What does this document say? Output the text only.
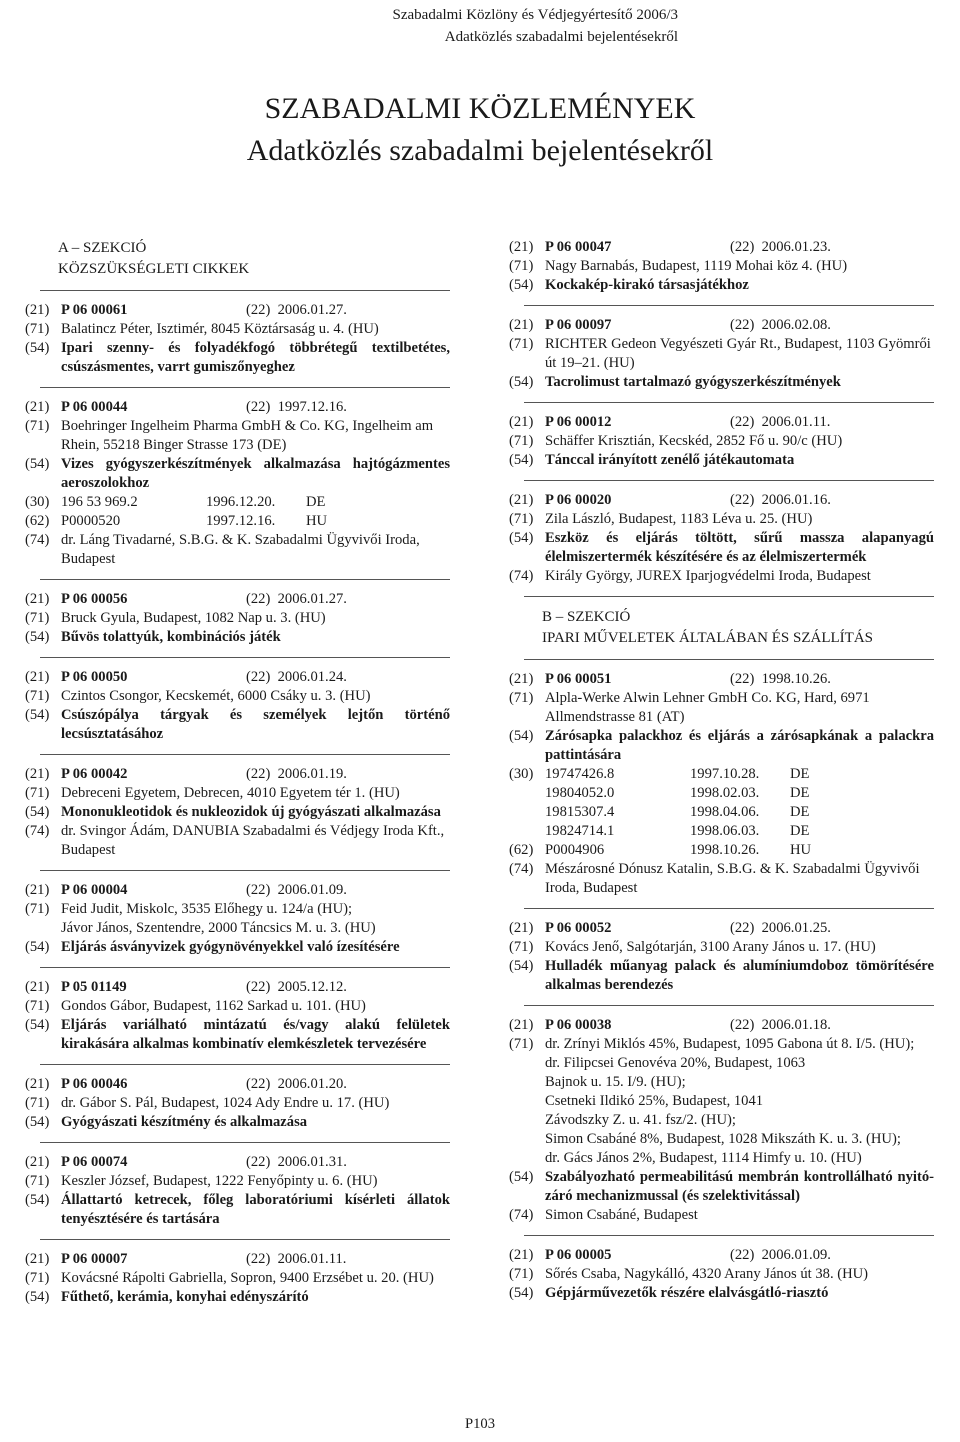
Szabadalmi Közlöny és Védjegyértesítő 2006/3
Adatközlés szabadalmi bejelentésekről
SZABADALMI KÖZLEMÉNYEK
Adatközlés szabadalmi bejelentésekről
A – SZEKCIÓ
KÖZSZÜKSÉGLETI CIKKEK
(21) P 06 00061	(22)  2006.01.27.
(71) Balatincz Péter, Isztimér, 8045 Köztársaság u. 4. (HU)
(54) Ipari szenny- és folyadékfogó többrétegű textilbetétes, csúszásmentes, varrt gumiszőnyeghez
(21) P 06 00044	(22)  1997.12.16.
(71) Boehringer Ingelheim Pharma GmbH & Co. KG, Ingelheim am Rhein, 55218 Binger Strasse 173 (DE)
(54) Vizes gyógyszerkészítmények alkalmazása hajtógázmentes aeroszolokhoz
(30) 196 53 969.2	1996.12.20.	DE
(62) P0000520	1997.12.16.	HU
(74) dr. Láng Tivadarné, S.B.G. & K. Szabadalmi Ügyvivői Iroda, Budapest
(21) P 06 00056	(22)  2006.01.27.
(71) Bruck Gyula, Budapest, 1082 Nap u. 3. (HU)
(54) Bűvös tolattyúk, kombinációs játék
(21) P 06 00050	(22)  2006.01.24.
(71) Czintos Csongor, Kecskemét, 6000 Csáky u. 3. (HU)
(54) Csúszópálya tárgyak és személyek lejtőn történő lecsúsztatásához
(21) P 06 00042	(22)  2006.01.19.
(71) Debreceni Egyetem, Debrecen, 4010 Egyetem tér 1. (HU)
(54) Mononukleotidok és nukleozidok új gyógyászati alkalmazása
(74) dr. Svingor Ádám, DANUBIA Szabadalmi és Védjegy Iroda Kft., Budapest
(21) P 06 00004	(22)  2006.01.09.
(71) Feid Judit, Miskolc, 3535 Előhegy u. 124/a (HU);
Jávor János, Szentendre, 2000 Táncsics M. u. 3. (HU)
(54) Eljárás ásványvizek gyógynövényekkel való ízesítésére
(21) P 05 01149	(22)  2005.12.12.
(71) Gondos Gábor, Budapest, 1162 Sarkad u. 101. (HU)
(54) Eljárás variálható mintázatú és/vagy alakú felületek kirakására alkalmas kombinatív elemkészletek tervezésére
(21) P 06 00046	(22)  2006.01.20.
(71) dr. Gábor S. Pál, Budapest, 1024 Ady Endre u. 17. (HU)
(54) Gyógyászati készítmény és alkalmazása
(21) P 06 00074	(22)  2006.01.31.
(71) Keszler József, Budapest, 1222 Fenyőpinty u. 6. (HU)
(54) Állattartó ketrecek, főleg laboratóriumi kísérleti állatok tenyésztésére és tartására
(21) P 06 00007	(22)  2006.01.11.
(71) Kovácsné Rápolti Gabriella, Sopron, 9400 Erzsébet u. 20. (HU)
(54) Fűthető, kerámia, konyhai edényszárító
(21) P 06 00047	(22)  2006.01.23.
(71) Nagy Barnabás, Budapest, 1119 Mohai köz 4. (HU)
(54) Kockakép-kirakó társasjátékhoz
(21) P 06 00097	(22)  2006.02.08.
(71) RICHTER Gedeon Vegyészeti Gyár Rt., Budapest, 1103 Gyömrői út 19–21. (HU)
(54) Tacrolimust tartalmazó gyógyszerkészítmények
(21) P 06 00012	(22)  2006.01.11.
(71) Schäffer Krisztián, Kecskéd, 2852 Fő u. 90/c (HU)
(54) Tánccal irányított zenélő játékautomata
(21) P 06 00020	(22)  2006.01.16.
(71) Zila László, Budapest, 1183 Léva u. 25. (HU)
(54) Eszköz és eljárás töltött, sűrű massza alapanyagú élelmiszertermék készítésére és az élelmiszertermék
(74) Király György, JUREX Iparjogvédelmi Iroda, Budapest
B – SZEKCIÓ
IPARI MŰVELETEK ÁLTALÁBAN ÉS SZÁLLÍTÁS
(21) P 06 00051	(22)  1998.10.26.
(71) Alpla-Werke Alwin Lehner GmbH Co. KG, Hard, 6971 Allmendstrasse 81 (AT)
(54) Zárósapka palackhoz és eljárás a zárósapkának a palackra pattintására
(30) 19747426.8	1997.10.28.	DE
19804052.0	1998.02.03.	DE
19815307.4	1998.04.06.	DE
19824714.1	1998.06.03.	DE
(62) P0004906	1998.10.26.	HU
(74) Mészárosné Dónusz Katalin, S.B.G. & K. Szabadalmi Ügyvivői Iroda, Budapest
(21) P 06 00052	(22)  2006.01.25.
(71) Kovács Jenő, Salgótarján, 3100 Arany János u. 17. (HU)
(54) Hulladék műanyag palack és alumíniumdoboz tömörítésére alkalmas berendezés
(21) P 06 00038	(22)  2006.01.18.
(71) dr. Zrínyi Miklós 45%, Budapest, 1095 Gabona út 8. I/5. (HU);
dr. Filipcsei Genovéva 20%, Budapest, 1063
Bajnok u. 15. I/9. (HU);
Csetneki Ildikó 25%, Budapest, 1041
Závodszky Z. u. 41. fsz/2. (HU);
Simon Csabáné 8%, Budapest, 1028 Mikszáth K. u. 3. (HU);
dr. Gács János 2%, Budapest, 1114 Himfy u. 10. (HU)
(54) Szabályozható permeabilitású membrán kontrollálható nyitó-záró mechanizmussal (és szelektivitással)
(74) Simon Csabáné, Budapest
(21) P 06 00005	(22)  2006.01.09.
(71) Sőrés Csaba, Nagykálló, 4320 Arany János út 38. (HU)
(54) Gépjárművezetők részére elalvásgátló-riasztó
P103
